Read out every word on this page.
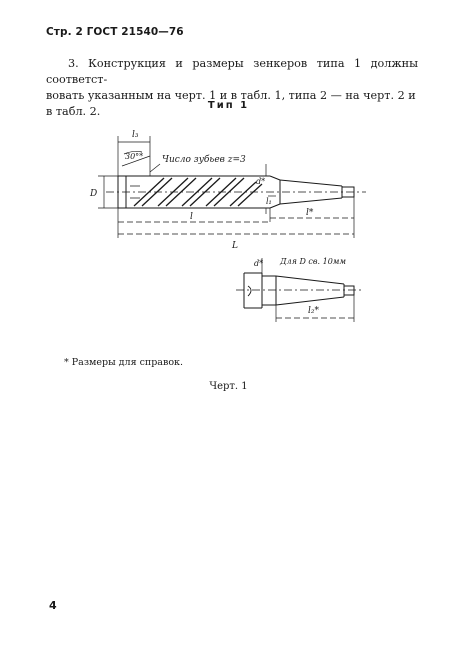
Стр. 2 ГОСТ 21540—76

3. Конструкция и размеры зенкеров типа 1 должны соответст-

вовать указанным на черт. 1 и в табл. 1, типа 2 — на черт. 2 и

в табл. 2.	Тип 1
l₃
30°* Число зубьев z=3
D
d*
l₁
l*
l
L
Для D св. 10мм
d*
l₂*
* Размеры для справок.
Черт. 1
4
